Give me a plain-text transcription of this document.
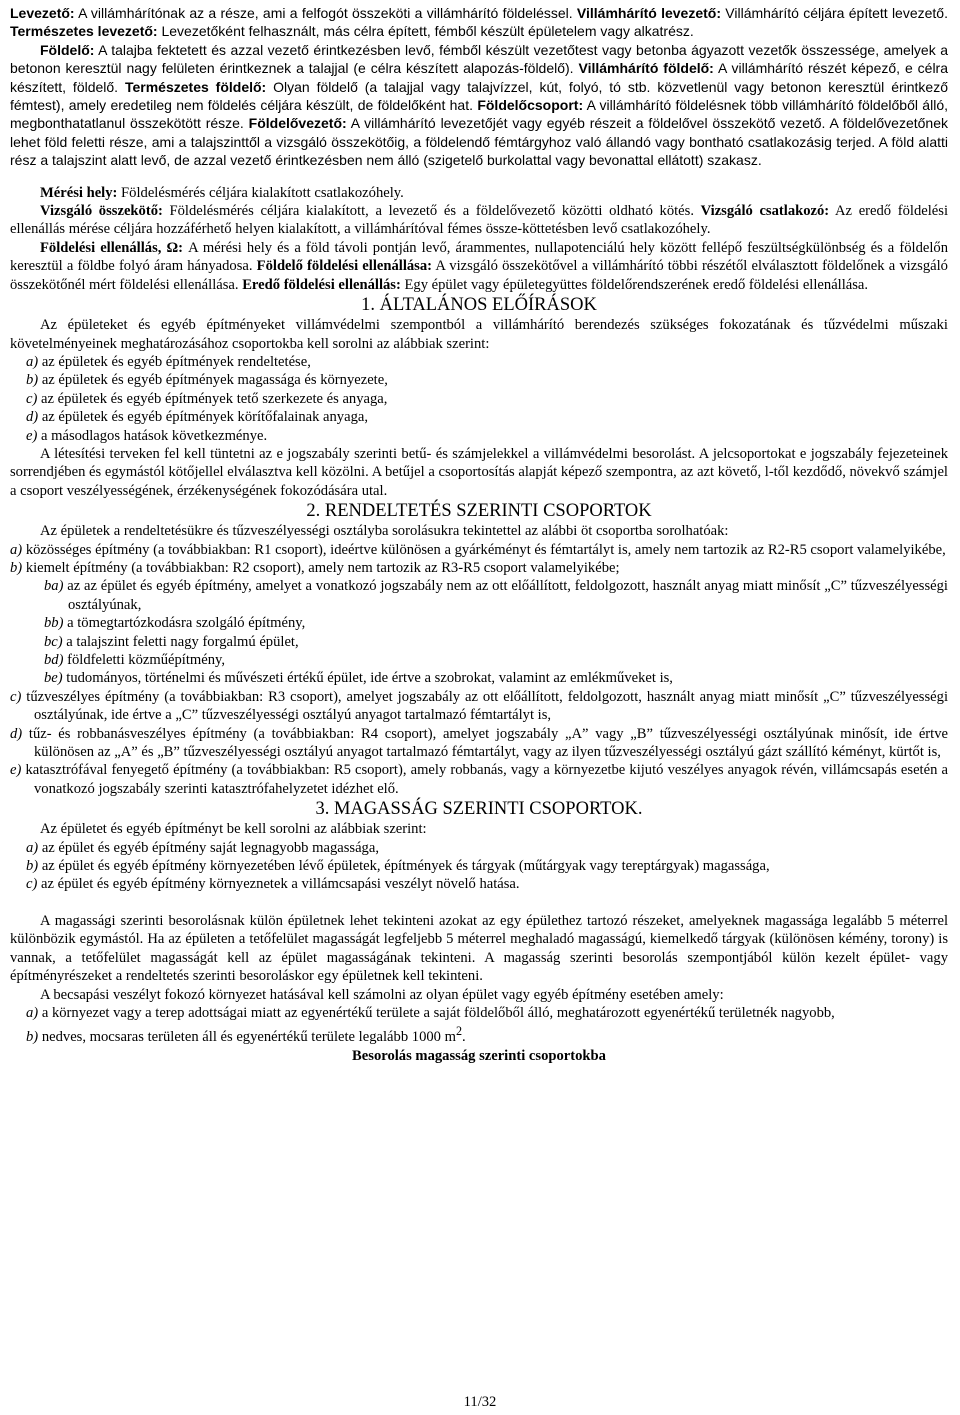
Levezető: A villámhárítónak az a része, ami a felfogót összeköti a villámhárító földeléssel. Villámhárító levezető: Villámhárító céljára épített levezető. Természetes levezető: Levezetőként felhasznált, más célra épített, fémből készült épületelem vagy alkatrész.

Földelő: A talajba fektetett és azzal vezető érintkezésben levő, fémből készült vezetőtest vagy betonba ágyazott vezetők összessége, amelyek a betonon keresztül nagy felületen érintkeznek a talajjal (e célra készített alapozás-földelő). Villámhárító földelő: A villámhárító részét képező, e célra készített, földelő. Természetes földelő: Olyan földelő (a talajjal vagy talajvízzel, kút, folyó, tó stb. közvetlenül vagy betonon keresztül érintkező fémtest), amely eredetileg nem földelés céljára készült, de földelőként hat. Földelőcsoport: A villámhárító földelésnek több villámhárító földelőből álló, megbonthatatlanul összekötött része. Földelővezető: A villámhárító levezetőjét vagy egyéb részeit a földelővel összekötő vezető. A földelővezetőnek lehet föld feletti része, ami a talajszinttől a vizsgáló összekötőig, a földelendő fémtárgyhoz való állandó vagy bontható csatlakozásig terjed. A föld alatti rész a talajszint alatt levő, de azzal vezető érintkezésben nem álló (szigetelő burkolattal vagy bevonattal ellátott) szakasz.

Mérési hely: Földelésmérés céljára kialakított csatlakozóhely.

Vizsgáló összekötő: Földelésmérés céljára kialakított, a levezető és a földelővezető közötti oldható kötés. Vizsgáló csatlakozó: Az eredő földelési ellenállás mérése céljára hozzáférhető helyen kialakított, a villámhárítóval fémes össze-köttetésben levő csatlakozóhely.

Földelési ellenállás, Ω: A mérési hely és a föld távoli pontján levő, árammentes, nullapotenciálú hely között fellépő feszültségkülönbség és a földelőn keresztül a földbe folyó áram hányadosa. Földelő földelési ellenállása: A vizsgáló összekötővel a villámhárító többi részétől elválasztott földelőnek a vizsgáló összekötőnél mért földelési ellenállása. Eredő földelési ellenállás: Egy épület vagy épületegyüttes földelőrendszerének eredő földelési ellenállása.

1. ÁLTALÁNOS ELŐÍRÁSOK

Az épületeket és egyéb építményeket villámvédelmi szempontból a villámhárító berendezés szükséges fokozatának és tűzvédelmi műszaki követelményeinek meghatározásához csoportokba kell sorolni az alábbiak szerint:

a) az épületek és egyéb építmények rendeltetése,

b) az épületek és egyéb építmények magassága és környezete,

c) az épületek és egyéb építmények tető szerkezete és anyaga,

d) az épületek és egyéb építmények körítőfalainak anyaga,

e) a másodlagos hatások következménye.

A létesítési terveken fel kell tüntetni az e jogszabály szerinti betű- és számjelekkel a villámvédelmi besorolást. A jelcsoportokat e jogszabály fejezeteinek sorrendjében és egymástól kötőjellel elválasztva kell közölni. A betűjel a csoportosítás alapját képező szempontra, az azt követő, l-től kezdődő, növekvő számjel a csoport veszélyességének, érzékenységének fokozódására utal.

2. RENDELTETÉS SZERINTI CSOPORTOK

Az épületek a rendeltetésükre és tűzveszélyességi osztályba sorolásukra tekintettel az alábbi öt csoportba sorolhatóak:

a) közösséges építmény (a továbbiakban: R1 csoport), ideértve különösen a gyárkéményt és fémtartályt is, amely nem tartozik az R2-R5 csoport valamelyikébe,

b) kiemelt építmény (a továbbiakban: R2 csoport), amely nem tartozik az R3-R5 csoport valamelyikébe;

ba) az az épület és egyéb építmény, amelyet a vonatkozó jogszabály nem az ott előállított, feldolgozott, használt anyag miatt minősít „C” tűzveszélyességi osztályúnak,

bb) a tömegtartózkodásra szolgáló építmény,

bc) a talajszint feletti nagy forgalmú épület,

bd) földfeletti közműépítmény,

be) tudományos, történelmi és művészeti értékű épület, ide értve a szobrokat, valamint az emlékműveket is,

c) tűzveszélyes építmény (a továbbiakban: R3 csoport), amelyet jogszabály az ott előállított, feldolgozott, használt anyag miatt minősít „C” tűzveszélyességi osztályúnak, ide értve a „C” tűzveszélyességi osztályú anyagot tartalmazó fémtartályt is,

d) tűz- és robbanásveszélyes építmény (a továbbiakban: R4 csoport), amelyet jogszabály „A” vagy „B” tűzveszélyességi osztályúnak minősít, ide értve különösen az „A” és „B” tűzveszélyességi osztályú anyagot tartalmazó fémtartályt, vagy az ilyen tűzveszélyességi osztályú gázt szállító kéményt, kürtőt is,

e) katasztrófával fenyegető építmény (a továbbiakban: R5 csoport), amely robbanás, vagy a környezetbe kijutó veszélyes anyagok révén, villámcsapás esetén a vonatkozó jogszabály szerinti katasztrófahelyzetet idézhet elő.

3. MAGASSÁG SZERINTI CSOPORTOK.

Az épületet és egyéb építményt be kell sorolni az alábbiak szerint:

a) az épület és egyéb építmény saját legnagyobb magassága,

b) az épület és egyéb építmény környezetében lévő épületek, építmények és tárgyak (műtárgyak vagy tereptárgyak) magassága,

c) az épület és egyéb építmény környeznetek a villámcsapási veszélyt növelő hatása.

A magassági szerinti besorolásnak külön épületnek lehet tekinteni azokat az egy épülethez tartozó részeket, amelyeknek magassága legalább 5 méterrel különbözik egymástól. Ha az épületen a tetőfelület magasságát legfeljebb 5 méterrel meghaladó magasságú, kiemelkedő tárgyak (különösen kémény, torony) is vannak, a tetőfelület magasságát kell az épület magasságának tekinteni. A magasság szerinti besorolás szempontjából külön kezelt épület- vagy építményrészeket a rendeltetés szerinti besoroláskor egy épületnek kell tekinteni.

A becsapási veszélyt fokozó környezet hatásával kell számolni az olyan épület vagy egyéb építmény esetében amely:

a) a környezet vagy a terep adottságai miatt az egyenértékű területe a saját földelőből álló, meghatározott egyenértékű területnék nagyobb,

b) nedves, mocsaras területen áll és egyenértékű területe legalább 1000 $m^2$.

Besorolás magasság szerinti csoportokba
11/32
